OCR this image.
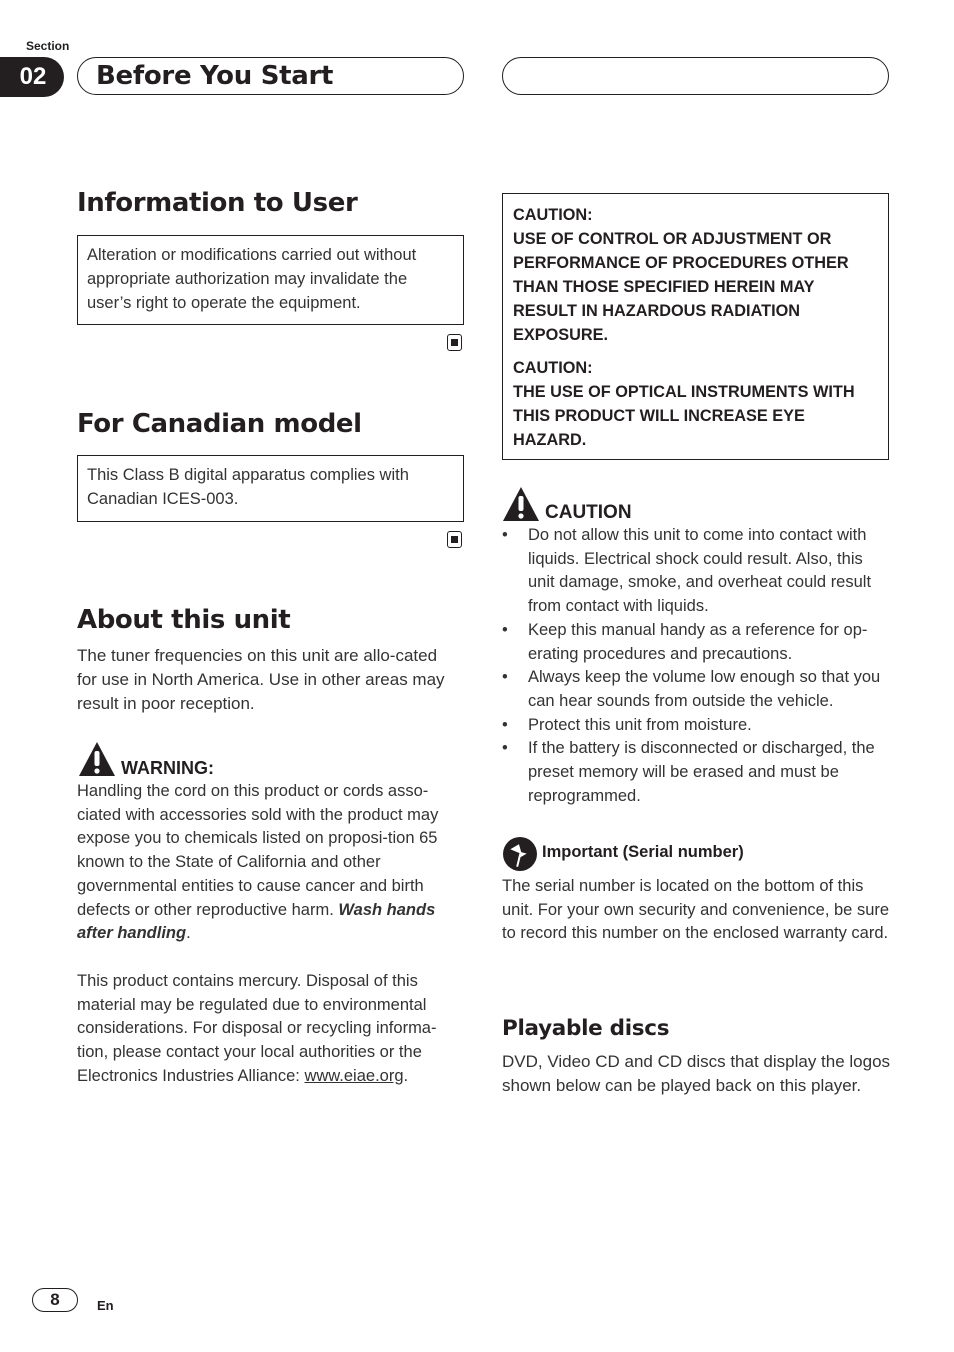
Section
02	Before You Start
Information to User
Alteration or modifications carried out without appropriate authorization may invalidate the user’s right to operate the equipment.
For Canadian model
This Class B digital apparatus complies with Canadian ICES-003.
About this unit
The tuner frequencies on this unit are allo-cated for use in North America. Use in other areas may result in poor reception.
WARNING:
Handling the cord on this product or cords asso-ciated with accessories sold with the product may expose you to chemicals listed on proposi-tion 65 known to the State of California and other governmental entities to cause cancer and birth defects or other reproductive harm. Wash hands after handling.
This product contains mercury. Disposal of this material may be regulated due to environmental considerations. For disposal or recycling informa-tion, please contact your local authorities or the Electronics Industries Alliance: www.eiae.org.

CAUTION:
USE OF CONTROL OR ADJUSTMENT OR PERFORMANCE OF PROCEDURES OTHER THAN THOSE SPECIFIED HEREIN MAY RESULT IN HAZARDOUS RADIATION EXPOSURE.

CAUTION:
THE USE OF OPTICAL INSTRUMENTS WITH THIS PRODUCT WILL INCREASE EYE HAZARD.

CAUTION
• Do not allow this unit to come into contact with liquids. Electrical shock could result. Also, this unit damage, smoke, and overheat could result from contact with liquids.
• Keep this manual handy as a reference for op-erating procedures and precautions.
• Always keep the volume low enough so that you can hear sounds from outside the vehicle.
• Protect this unit from moisture.
• If the battery is disconnected or discharged, the preset memory will be erased and must be reprogrammed.
Important (Serial number)
The serial number is located on the bottom of this unit. For your own security and convenience, be sure to record this number on the enclosed warranty card.
Playable discs
DVD, Video CD and CD discs that display the logos shown below can be played back on this player.
8	En
